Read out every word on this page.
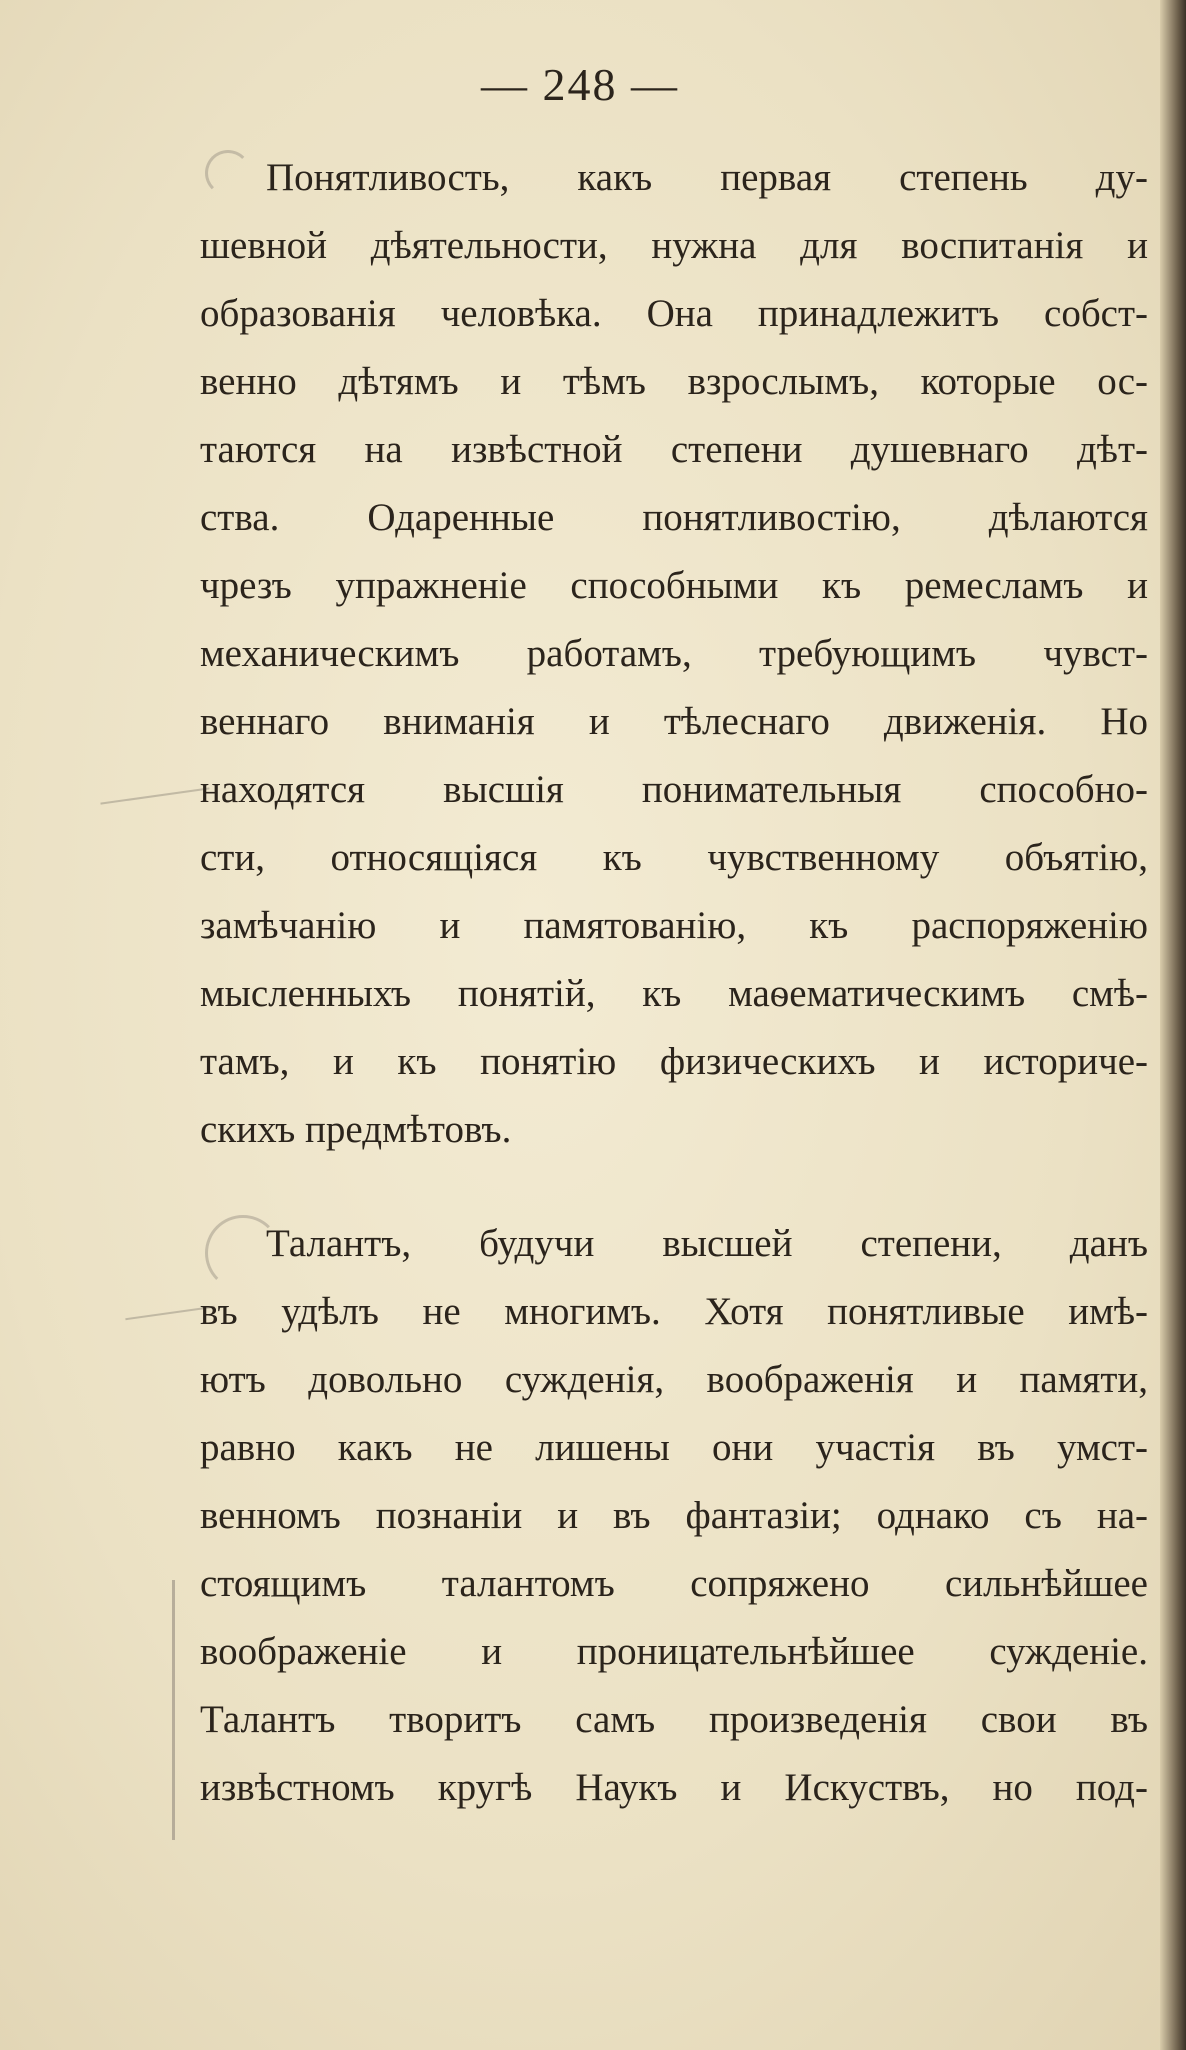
— 248 —
Понятливость, какъ первая степень ду-
шевной дѣятельности, нужна для воспитанія и
образованія человѣка. Она принадлежитъ собст-
венно дѣтямъ и тѣмъ взрослымъ, которые ос-
таются на извѣстной степени душевнаго дѣт-
ства. Одаренные понятливостію, дѣлаются
чрезъ упражненіе способными къ ремесламъ и
механическимъ работамъ, требующимъ чувст-
веннаго вниманія и тѣлеснаго движенія. Но
находятся высшія понимательныя способно-
сти, относящіяся къ чувственному объятію,
замѣчанію и памятованію, къ распоряженію
мысленныхъ понятій, къ маѳематическимъ смѣ-
тамъ, и къ понятію физическихъ и историче-
скихъ предмѣтовъ.
Талантъ, будучи высшей степени, данъ
въ удѣлъ не многимъ. Хотя понятливые имѣ-
ютъ довольно сужденія, воображенія и памяти,
равно какъ не лишены они участія въ умст-
венномъ познаніи и въ фантазіи; однако съ на-
стоящимъ талантомъ сопряжено сильнѣйшее
воображеніе и проницательнѣйшее сужденіе.
Талантъ творитъ самъ произведенія свои въ
извѣстномъ кругѣ Наукъ и Искуствъ, но под-
